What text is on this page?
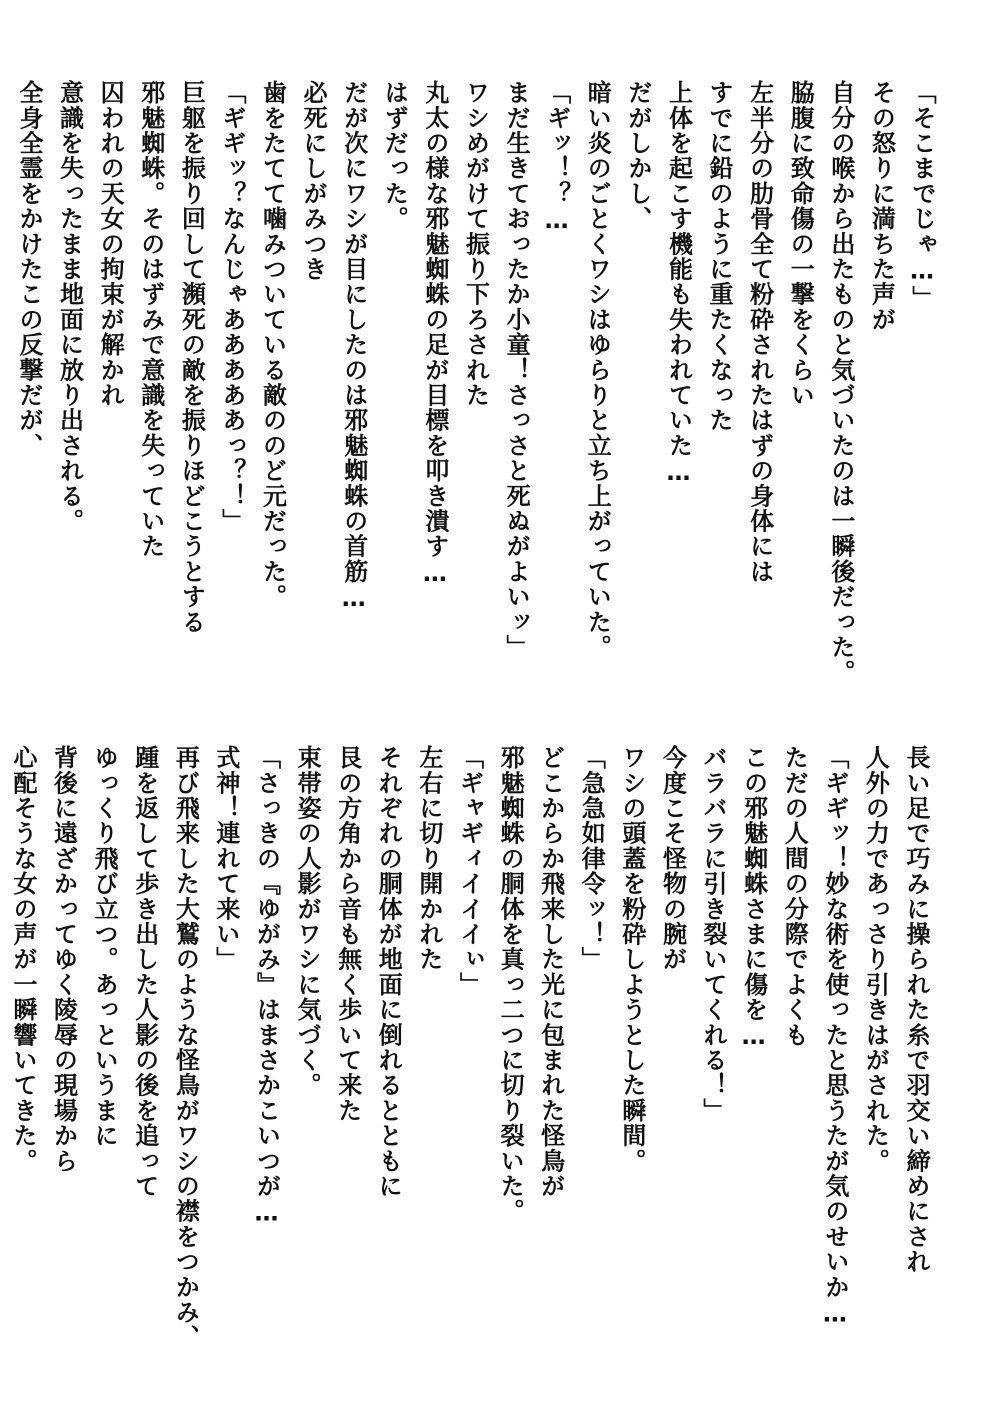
「そこまでじゃ…」
その怒りに満ちた声が
自分の喉から出たものと気づいたのは一瞬後だった。
脇腹に致命傷の一撃をくらい
左半分の肋骨全て粉砕されたはずの身体には
すでに鉛のように重たくなった
上体を起こす機能も失われていた…
だがしかし、
暗い炎のごとくワシはゆらりと立ち上がっていた。
「ギッ！？…
まだ生きておったか小童！さっさと死ぬがよいッ」
ワシめがけて振り下ろされた
丸太の様な邪魅蜘蛛の足が目標を叩き潰す…
はずだった。
だが次にワシが目にしたのは邪魅蜘蛛の首筋…
必死にしがみつき
歯をたてて噛みついている敵ののど元だった。
「ギギッ？なんじゃあああああっ？！」
巨躯を振り回して瀕死の敵を振りほどこうとする
邪魅蜘蛛。そのはずみで意識を失っていた
囚われの天女の拘束が解かれ
意識を失ったまま地面に放り出される。
全身全霊をかけたこの反撃だが、
長い足で巧みに操られた糸で羽交い締めにされ
人外の力であっさり引きはがされた。
「ギギッ！妙な術を使ったと思うたが気のせいか…
ただの人間の分際でよくも
この邪魅蜘蛛さまに傷を…
バラバラに引き裂いてくれる！」
今度こそ怪物の腕が
ワシの頭蓋を粉砕しようとした瞬間。
「急急如律令ッ！」
どこからか飛来した光に包まれた怪鳥が
邪魅蜘蛛の胴体を真っ二つに切り裂いた。
「ギャギィイイイぃ」
左右に切り開かれた
それぞれの胴体が地面に倒れるとともに
艮の方角から音も無く歩いて来た
束帯姿の人影がワシに気づく。
「さっきの『ゆがみ』はまさかこいつが…
式神！連れて来い」
再び飛来した大鷲のような怪鳥がワシの襟をつかみ、
踵を返して歩き出した人影の後を追って
ゆっくり飛び立つ。あっというまに
背後に遠ざかってゆく陵辱の現場から
心配そうな女の声が一瞬響いてきた。
